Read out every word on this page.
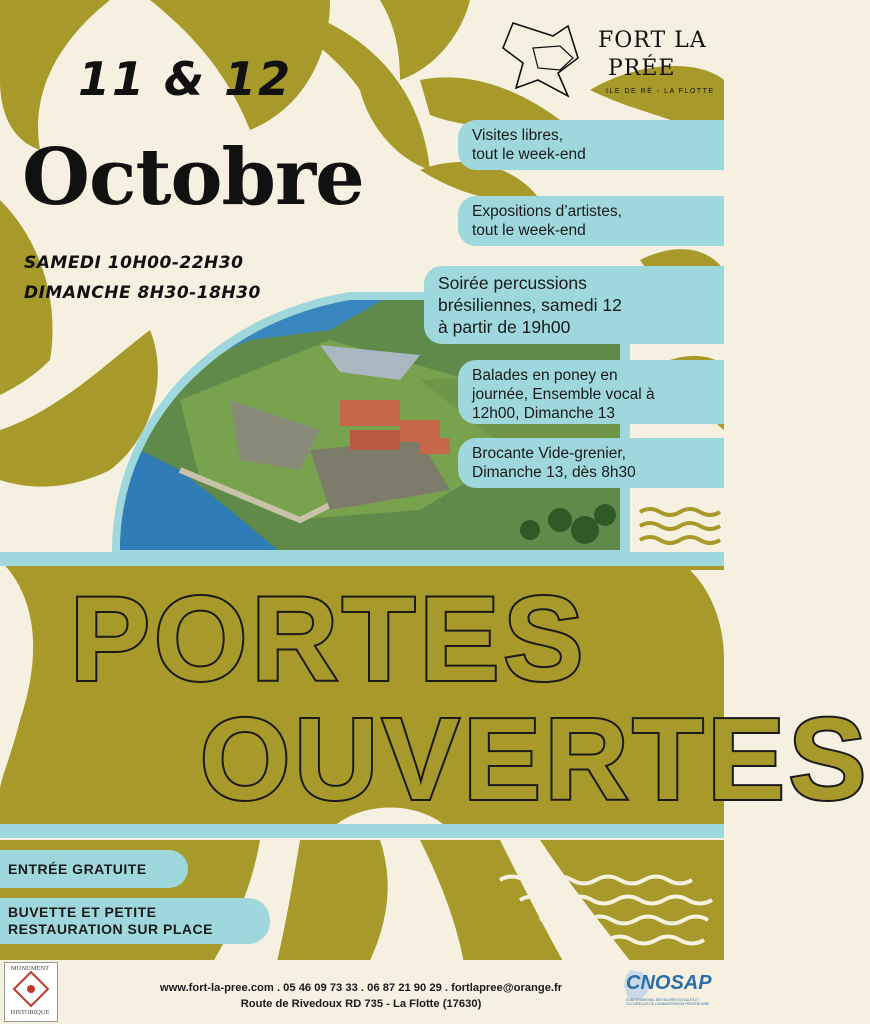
11 & 12
Octobre
SAMEDI 10H00-22H30
DIMANCHE 8H30-18H30
FORT LA
PRÉE
ILE DE RÉ - LA FLOTTE
Visites libres,
tout le week-end
Expositions d’artistes,
tout le week-end
Soirée percussions
brésiliennes, samedi 12
à partir de 19h00
Balades en poney en
journée, Ensemble vocal à
12h00, Dimanche 13
Brocante Vide-grenier,
Dimanche 13, dès 8h30
PORTES
OUVERTES
ENTRÉE GRATUITE
BUVETTE ET PETITE
RESTAURATION SUR PLACE
www.fort-la-pree.com . 05 46 09 73 33 . 06 87 21 90 29 . fortlapree@orange.fr
Route de Rivedoux RD 735 - La Flotte (17630)
MONUMENT
HISTORIQUE
CNOSAP
COMITÉ NATIONAL DES ŒUVRES SOCIALES ET CULTURELLES DE L'ADMINISTRATION PÉNITENTIAIRE
